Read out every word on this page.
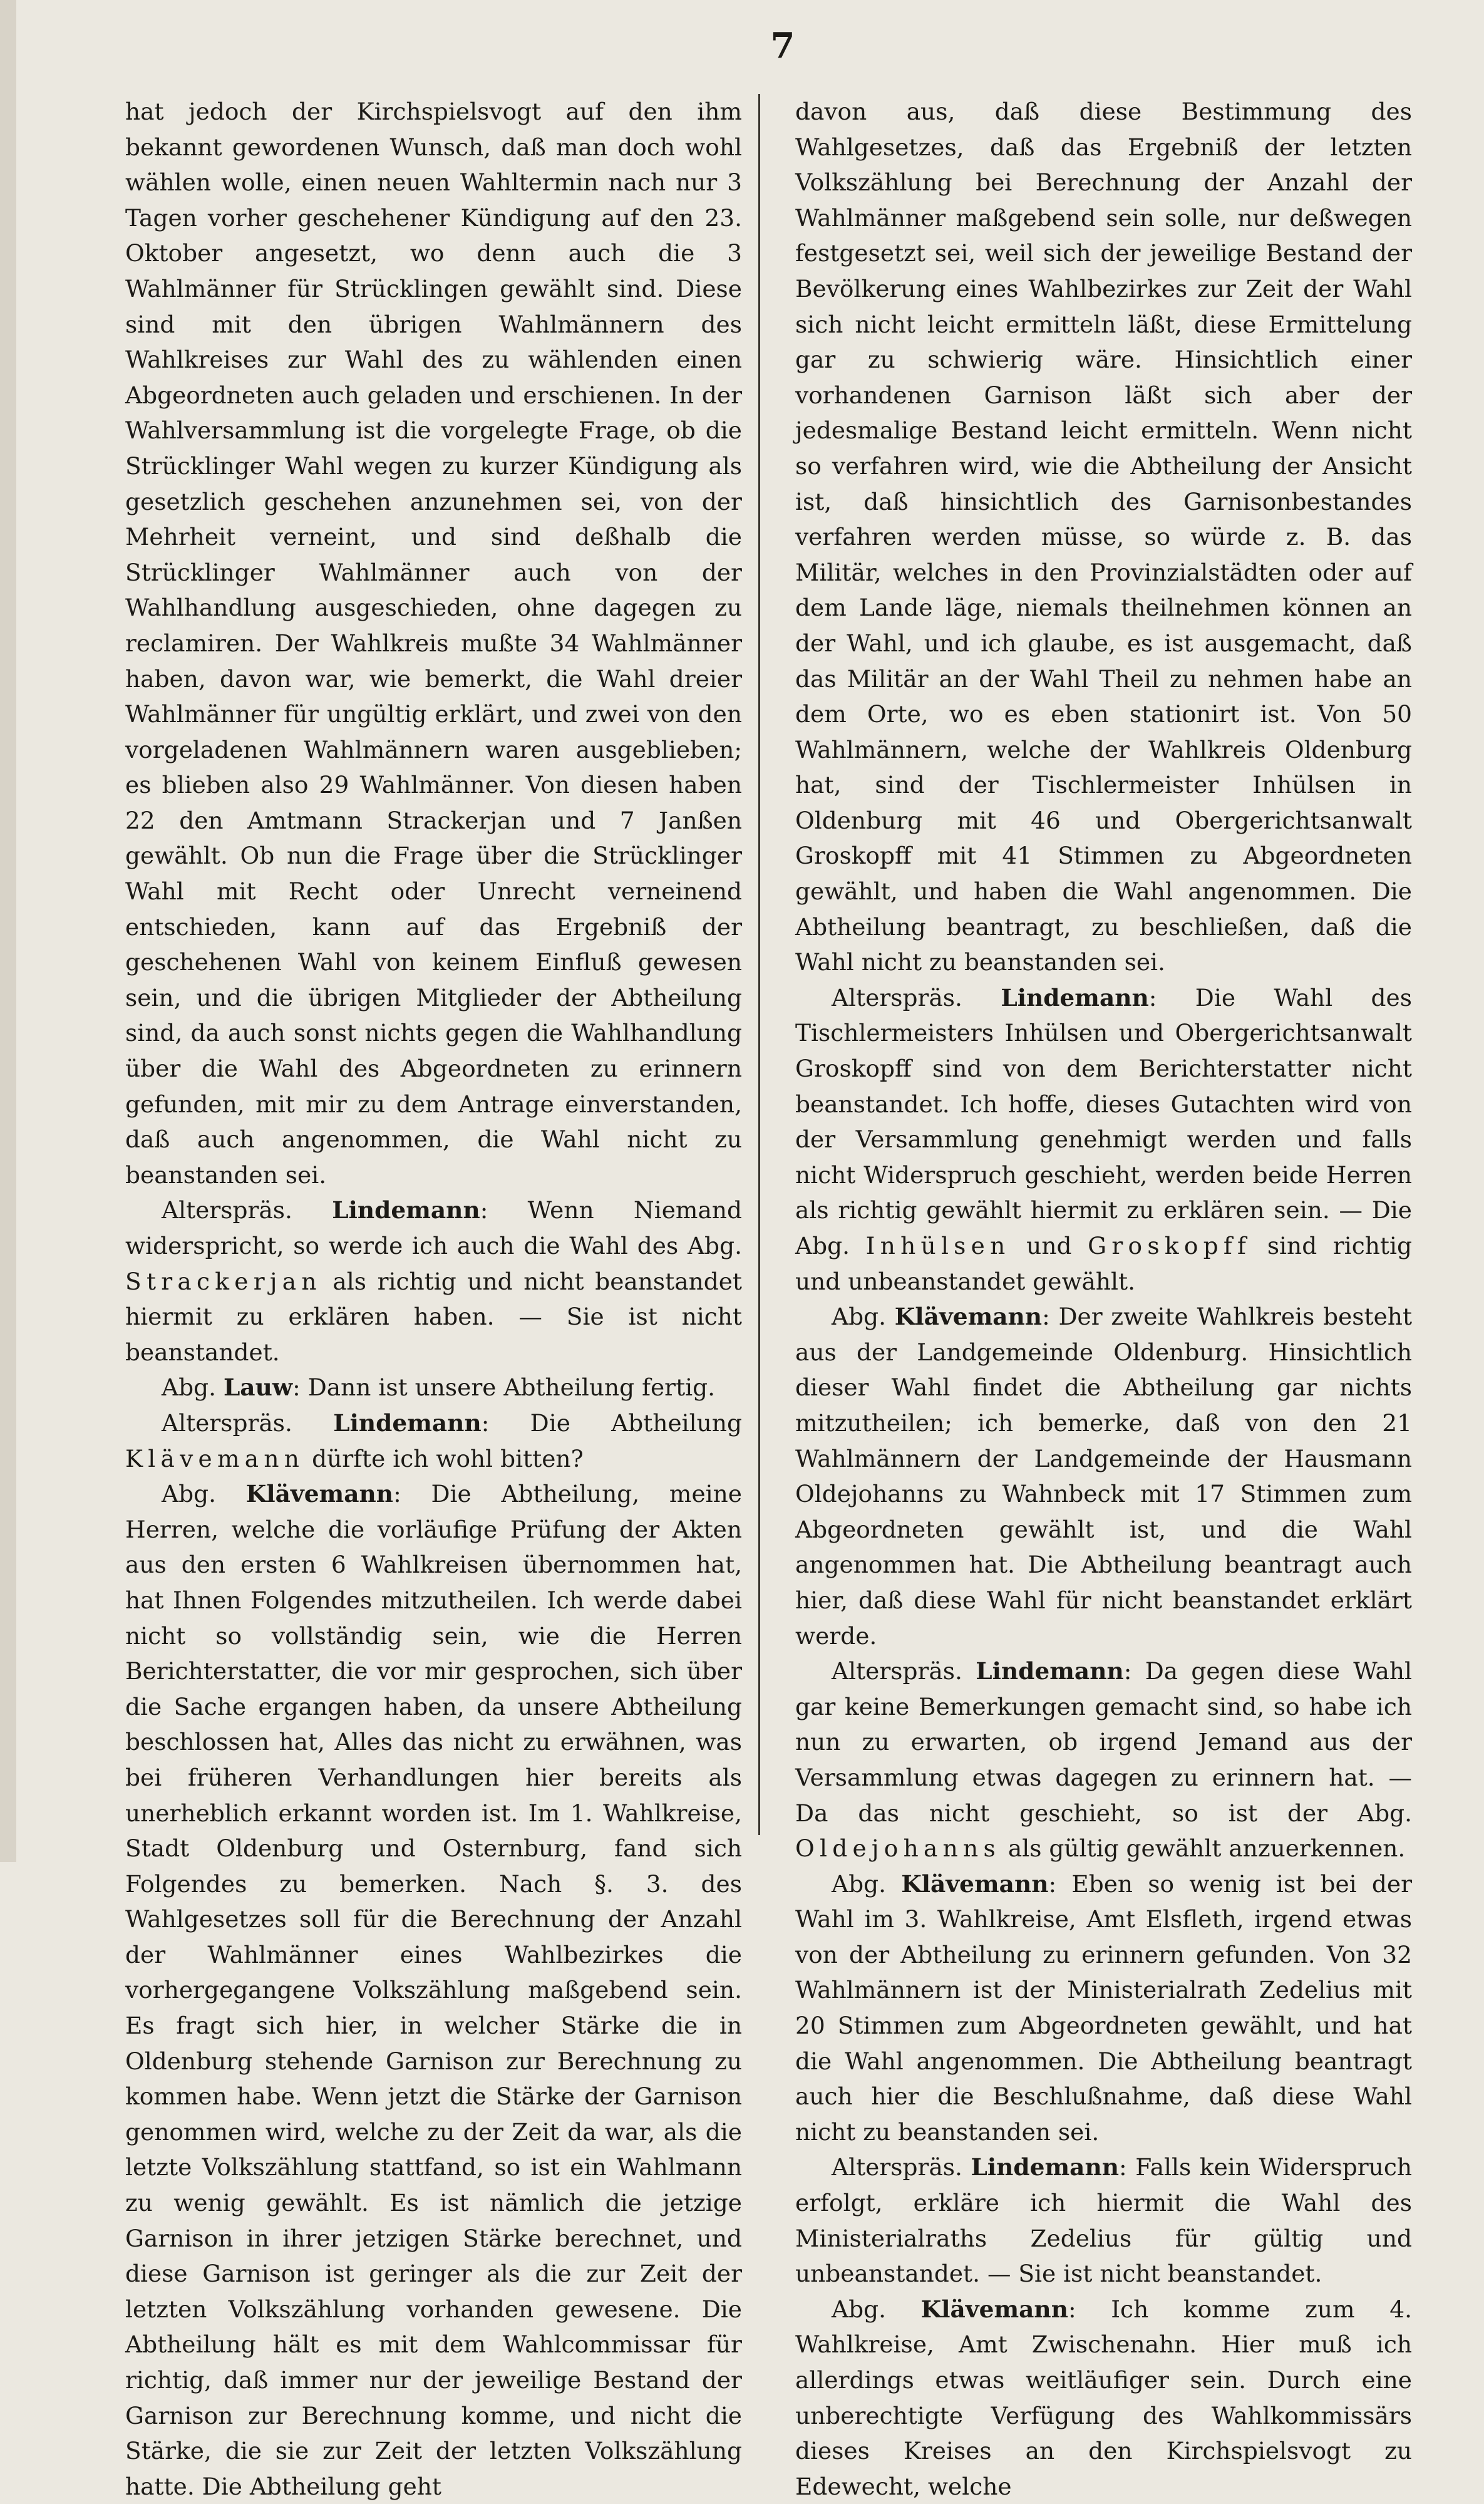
7

hat jedoch der Kirchspielsvogt auf den ihm bekannt gewordenen Wunsch, daß man doch wohl wählen wolle, einen neuen Wahltermin nach nur 3 Tagen vorher geschehener Kündigung auf den 23. Oktober angesetzt, wo denn auch die 3 Wahlmänner für Strücklingen gewählt sind. Diese sind mit den übrigen Wahlmännern des Wahlkreises zur Wahl des zu wählenden einen Abgeordneten auch geladen und erschienen. In der Wahlversammlung ist die vorgelegte Frage, ob die Strücklinger Wahl wegen zu kurzer Kündigung als gesetzlich geschehen anzunehmen sei, von der Mehrheit verneint, und sind deßhalb die Strücklinger Wahlmänner auch von der Wahlhandlung ausgeschieden, ohne dagegen zu reclamiren. Der Wahlkreis mußte 34 Wahlmänner haben, davon war, wie bemerkt, die Wahl dreier Wahlmänner für ungültig erklärt, und zwei von den vorgeladenen Wahlmännern waren ausgeblieben; es blieben also 29 Wahlmänner. Von diesen haben 22 den Amtmann Strackerjan und 7 Janßen gewählt. Ob nun die Frage über die Strücklinger Wahl mit Recht oder Unrecht verneinend entschieden, kann auf das Ergebniß der geschehenen Wahl von keinem Einfluß gewesen sein, und die übrigen Mitglieder der Abtheilung sind, da auch sonst nichts gegen die Wahlhandlung über die Wahl des Abgeordneten zu erinnern gefunden, mit mir zu dem Antrage einverstanden, daß auch angenommen, die Wahl nicht zu beanstanden sei.

Alterspräs. Lindemann: Wenn Niemand widerspricht, so werde ich auch die Wahl des Abg. Strackerjan als richtig und nicht beanstandet hiermit zu erklären haben. — Sie ist nicht beanstandet.

Abg. Lauw: Dann ist unsere Abtheilung fertig.

Alterspräs. Lindemann: Die Abtheilung Klävemann dürfte ich wohl bitten?

Abg. Klävemann: Die Abtheilung, meine Herren, welche die vorläufige Prüfung der Akten aus den ersten 6 Wahlkreisen übernommen hat, hat Ihnen Folgendes mitzutheilen. Ich werde dabei nicht so vollständig sein, wie die Herren Berichterstatter, die vor mir gesprochen, sich über die Sache ergangen haben, da unsere Abtheilung beschlossen hat, Alles das nicht zu erwähnen, was bei früheren Verhandlungen hier bereits als unerheblich erkannt worden ist. Im 1. Wahlkreise, Stadt Oldenburg und Osternburg, fand sich Folgendes zu bemerken. Nach §. 3. des Wahlgesetzes soll für die Berechnung der Anzahl der Wahlmänner eines Wahlbezirkes die vorhergegangene Volkszählung maßgebend sein. Es fragt sich hier, in welcher Stärke die in Oldenburg stehende Garnison zur Berechnung zu kommen habe. Wenn jetzt die Stärke der Garnison genommen wird, welche zu der Zeit da war, als die letzte Volkszählung stattfand, so ist ein Wahlmann zu wenig gewählt. Es ist nämlich die jetzige Garnison in ihrer jetzigen Stärke berechnet, und diese Garnison ist geringer als die zur Zeit der letzten Volkszählung vorhanden gewesene. Die Abtheilung hält es mit dem Wahlcommissar für richtig, daß immer nur der jeweilige Bestand der Garnison zur Berechnung komme, und nicht die Stärke, die sie zur Zeit der letzten Volkszählung hatte. Die Abtheilung geht

davon aus, daß diese Bestimmung des Wahlgesetzes, daß das Ergebniß der letzten Volkszählung bei Berechnung der Anzahl der Wahlmänner maßgebend sein solle, nur deßwegen festgesetzt sei, weil sich der jeweilige Bestand der Bevölkerung eines Wahlbezirkes zur Zeit der Wahl sich nicht leicht ermitteln läßt, diese Ermittelung gar zu schwierig wäre. Hinsichtlich einer vorhandenen Garnison läßt sich aber der jedesmalige Bestand leicht ermitteln. Wenn nicht so verfahren wird, wie die Abtheilung der Ansicht ist, daß hinsichtlich des Garnisonbestandes verfahren werden müsse, so würde z. B. das Militär, welches in den Provinzialstädten oder auf dem Lande läge, niemals theilnehmen können an der Wahl, und ich glaube, es ist ausgemacht, daß das Militär an der Wahl Theil zu nehmen habe an dem Orte, wo es eben stationirt ist. Von 50 Wahlmännern, welche der Wahlkreis Oldenburg hat, sind der Tischlermeister Inhülsen in Oldenburg mit 46 und Obergerichtsanwalt Groskopff mit 41 Stimmen zu Abgeordneten gewählt, und haben die Wahl angenommen. Die Abtheilung beantragt, zu beschließen, daß die Wahl nicht zu beanstanden sei.

Alterspräs. Lindemann: Die Wahl des Tischlermeisters Inhülsen und Obergerichtsanwalt Groskopff sind von dem Berichterstatter nicht beanstandet. Ich hoffe, dieses Gutachten wird von der Versammlung genehmigt werden und falls nicht Widerspruch geschieht, werden beide Herren als richtig gewählt hiermit zu erklären sein. — Die Abg. Inhülsen und Groskopff sind richtig und unbeanstandet gewählt.

Abg. Klävemann: Der zweite Wahlkreis besteht aus der Landgemeinde Oldenburg. Hinsichtlich dieser Wahl findet die Abtheilung gar nichts mitzutheilen; ich bemerke, daß von den 21 Wahlmännern der Landgemeinde der Hausmann Oldejohanns zu Wahnbeck mit 17 Stimmen zum Abgeordneten gewählt ist, und die Wahl angenommen hat. Die Abtheilung beantragt auch hier, daß diese Wahl für nicht beanstandet erklärt werde.

Alterspräs. Lindemann: Da gegen diese Wahl gar keine Bemerkungen gemacht sind, so habe ich nun zu erwarten, ob irgend Jemand aus der Versammlung etwas dagegen zu erinnern hat. — Da das nicht geschieht, so ist der Abg. Oldejohanns als gültig gewählt anzuerkennen.

Abg. Klävemann: Eben so wenig ist bei der Wahl im 3. Wahlkreise, Amt Elsfleth, irgend etwas von der Abtheilung zu erinnern gefunden. Von 32 Wahlmännern ist der Ministerialrath Zedelius mit 20 Stimmen zum Abgeordneten gewählt, und hat die Wahl angenommen. Die Abtheilung beantragt auch hier die Beschlußnahme, daß diese Wahl nicht zu beanstanden sei.

Alterspräs. Lindemann: Falls kein Widerspruch erfolgt, erkläre ich hiermit die Wahl des Ministerialraths Zedelius für gültig und unbeanstandet. — Sie ist nicht beanstandet.

Abg. Klävemann: Ich komme zum 4. Wahlkreise, Amt Zwischenahn. Hier muß ich allerdings etwas weitläufiger sein. Durch eine unberechtigte Verfügung des Wahlkommissärs dieses Kreises an den Kirchspielsvogt zu Edewecht, welche
